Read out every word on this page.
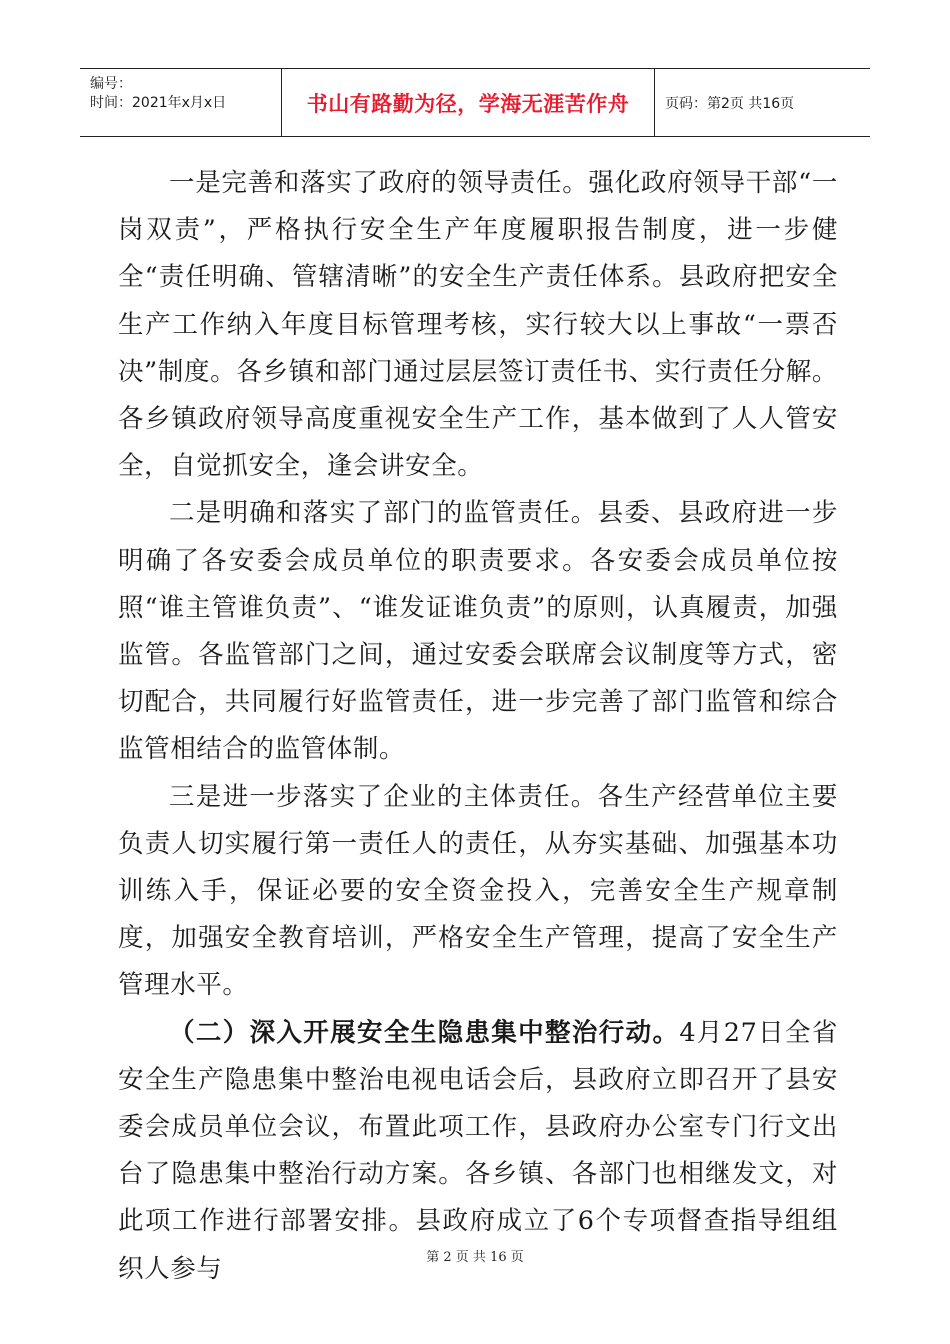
编号：
时间：2021年x月x日	书山有路勤为径，学海无涯苦作舟	页码：第2页 共16页

一是完善和落实了政府的领导责任。强化政府领导干部“一岗双责”，严格执行安全生产年度履职报告制度，进一步健全“责任明确、管辖清晰”的安全生产责任体系。县政府把安全生产工作纳入年度目标管理考核，实行较大以上事故“一票否决”制度。各乡镇和部门通过层层签订责任书、实行责任分解。各乡镇政府领导高度重视安全生产工作，基本做到了人人管安全，自觉抓安全，逢会讲安全。

二是明确和落实了部门的监管责任。县委、县政府进一步明确了各安委会成员单位的职责要求。各安委会成员单位按照“谁主管谁负责”、“谁发证谁负责”的原则，认真履责，加强监管。各监管部门之间，通过安委会联席会议制度等方式，密切配合，共同履行好监管责任，进一步完善了部门监管和综合监管相结合的监管体制。

三是进一步落实了企业的主体责任。各生产经营单位主要负责人切实履行第一责任人的责任，从夯实基础、加强基本功训练入手，保证必要的安全资金投入，完善安全生产规章制度，加强安全教育培训，严格安全生产管理，提高了安全生产管理水平。

（二）深入开展安全生隐患集中整治行动。4月27日全省安全生产隐患集中整治电视电话会后，县政府立即召开了县安委会成员单位会议，布置此项工作，县政府办公室专门行文出台了隐患集中整治行动方案。各乡镇、各部门也相继发文，对此项工作进行部署安排。县政府成立了6个专项督查指导组组织人参与	第 2 页 共 16 页
